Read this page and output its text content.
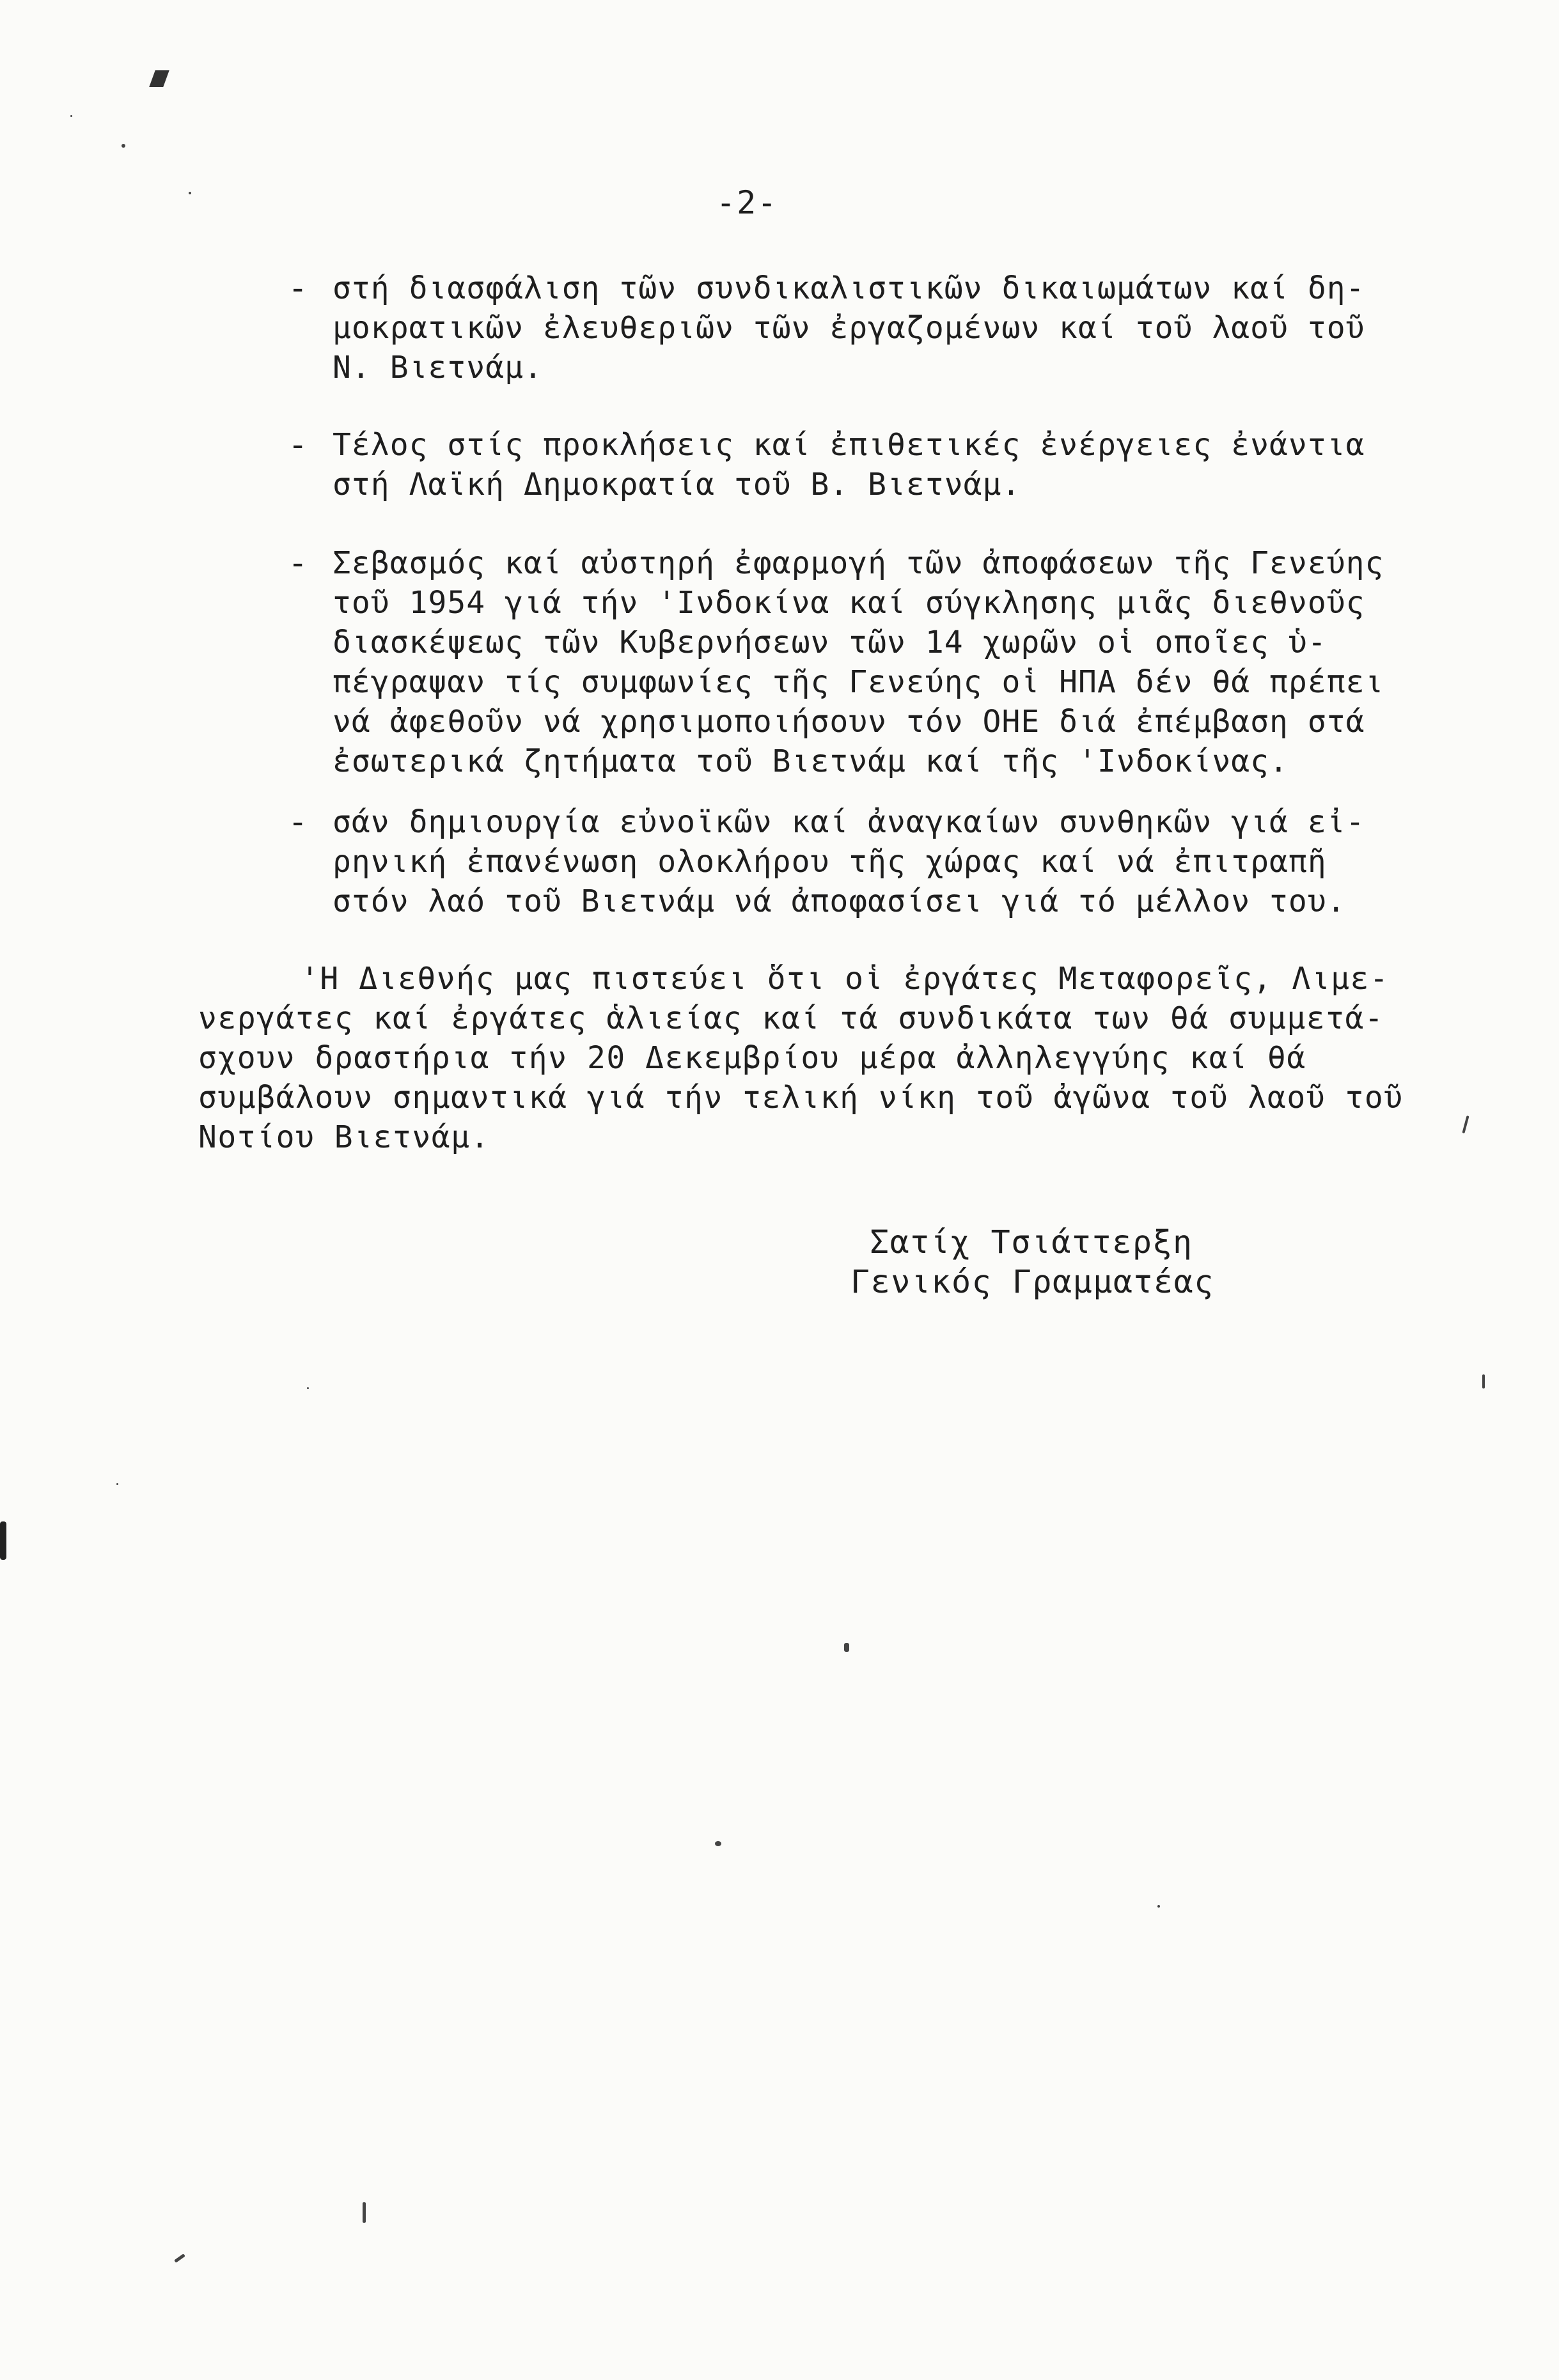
-2-
- στή διασφάλιση τῶν συνδικαλιστικῶν δικαιωμάτων καί δη-
μοκρατικῶν ἐλευθεριῶν τῶν ἐργαζομένων καί τοῦ λαοῦ τοῦ
Ν. Βιετνάμ.
- Τέλος στίς προκλήσεις καί ἐπιθετικές ἐνέργειες ἐνάντια
στή Λαϊκή Δημοκρατία τοῦ Β. Βιετνάμ.
- Σεβασμός καί αὐστηρή ἐφαρμογή τῶν ἀποφάσεων τῆς Γενεύης
τοῦ 1954 γιά τήν 'Ινδοκίνα καί σύγκλησης μιᾶς διεθνοῦς
διασκέψεως τῶν Κυβερνήσεων τῶν 14 χωρῶν οἱ οποῖες ὑ-
πέγραψαν τίς συμφωνίες τῆς Γενεύης οἱ ΗΠΑ δέν θά πρέπει
νά ἀφεθοῦν νά χρησιμοποιήσουν τόν ΟΗΕ διά ἐπέμβαση στά
ἐσωτερικά ζητήματα τοῦ Βιετνάμ καί τῆς 'Ινδοκίνας.
- σάν δημιουργία εὐνοϊκῶν καί ἀναγκαίων συνθηκῶν γιά εἰ-
ρηνική ἐπανένωση ολοκλήρου τῆς χώρας καί νά ἐπιτραπῆ
στόν λαό τοῦ Βιετνάμ νά ἀποφασίσει γιά τό μέλλον του.
'Η Διεθνής μας πιστεύει ὅτι οἱ ἐργάτες Μεταφορεῖς, Λιμε-
νεργάτες καί ἐργάτες ἁλιείας καί τά συνδικάτα των θά συμμετά-
σχουν δραστήρια τήν 20 Δεκεμβρίου μέρα ἀλληλεγγύης καί θά
συμβάλουν σημαντικά γιά τήν τελική νίκη τοῦ ἀγῶνα τοῦ λαοῦ τοῦ
Νοτίου Βιετνάμ.
Σατίχ Τσιάττερξη
Γενικός Γραμματέας
